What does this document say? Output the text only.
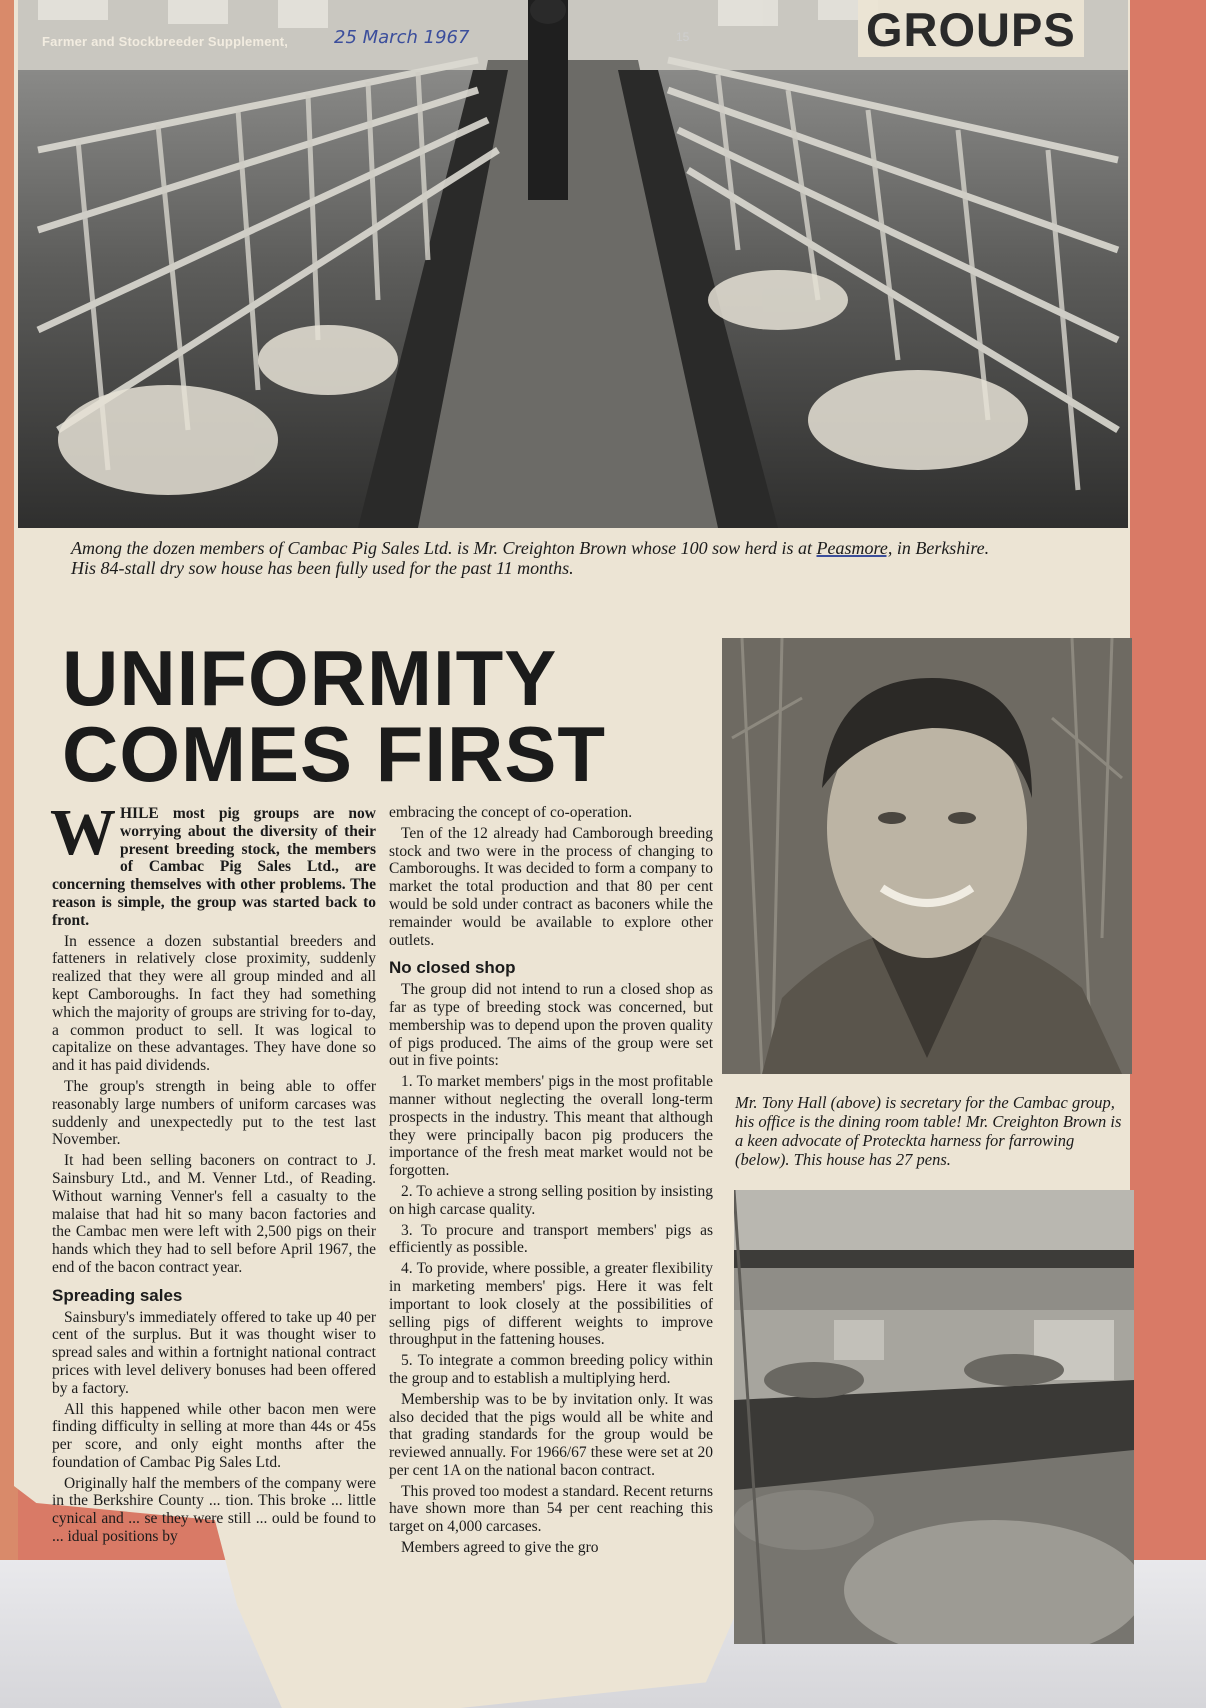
Farmer and Stockbreeder Supplement,	25 March 1967	15	GROUPS
Among the dozen members of Cambac Pig Sales Ltd. is Mr. Creighton Brown whose 100 sow herd is at Peasmore, in Berkshire.
His 84-stall dry sow house has been fully used for the past 11 months.
UNIFORMITY
COMES FIRST

Mr. Tony Hall (above) is secretary for the Cambac group, his office is the dining room table! Mr. Creighton Brown is a keen advocate of Proteckta harness for farrowing (below). This house has 27 pens.

W HILE most pig groups are now worrying about the diversity of their present breeding stock, the members of Cambac Pig Sales Ltd., are concerning themselves with other problems. The reason is simple, the group was started back to front.

In essence a dozen substantial breeders and fatteners in relatively close proximity, suddenly realized that they were all group minded and all kept Camboroughs. In fact they had something which the majority of groups are striving for to-day, a common product to sell. It was logical to capitalize on these advantages. They have done so and it has paid dividends.

The group's strength in being able to offer reasonably large numbers of uniform carcases was suddenly and unexpectedly put to the test last November.

It had been selling baconers on contract to J. Sainsbury Ltd., and M. Venner Ltd., of Reading. Without warning Venner's fell a casualty to the malaise that had hit so many bacon factories and the Cambac men were left with 2,500 pigs on their hands which they had to sell before April 1967, the end of the bacon contract year.

Spreading sales

Sainsbury's immediately offered to take up 40 per cent of the surplus. But it was thought wiser to spread sales and within a fortnight national contract prices with level delivery bonuses had been offered by a factory.

All this happened while other bacon men were finding difficulty in selling at more than 44s or 45s per score, and only eight months after the foundation of Cambac Pig Sales Ltd.

Originally half the members of the company were in the Berkshire County ... tion. This broke ... little cynical and ... se they were still ... ould be found to ... idual positions by

embracing the concept of co-operation.

Ten of the 12 already had Camborough breeding stock and two were in the process of changing to Camboroughs. It was decided to form a company to market the total production and that 80 per cent would be sold under contract as baconers while the remainder would be available to explore other outlets.

No closed shop

The group did not intend to run a closed shop as far as type of breeding stock was concerned, but membership was to depend upon the proven quality of pigs produced. The aims of the group were set out in five points:

1. To market members' pigs in the most profitable manner without neglecting the overall long-term prospects in the industry. This meant that although they were principally bacon pig producers the importance of the fresh meat market would not be forgotten.

2. To achieve a strong selling position by insisting on high carcase quality.

3. To procure and transport members' pigs as efficiently as possible.

4. To provide, where possible, a greater flexibility in marketing members' pigs. Here it was felt important to look closely at the possibilities of selling pigs of different weights to improve throughput in the fattening houses.

5. To integrate a common breeding policy within the group and to establish a multiplying herd.

Membership was to be by invitation only. It was also decided that the pigs would all be white and that grading standards for the group would be reviewed annually. For 1966/67 these were set at 20 per cent 1A on the national bacon contract.

This proved too modest a standard. Recent returns have shown more than 54 per cent reaching this target on 4,000 carcases.

Members agreed to give the gro
